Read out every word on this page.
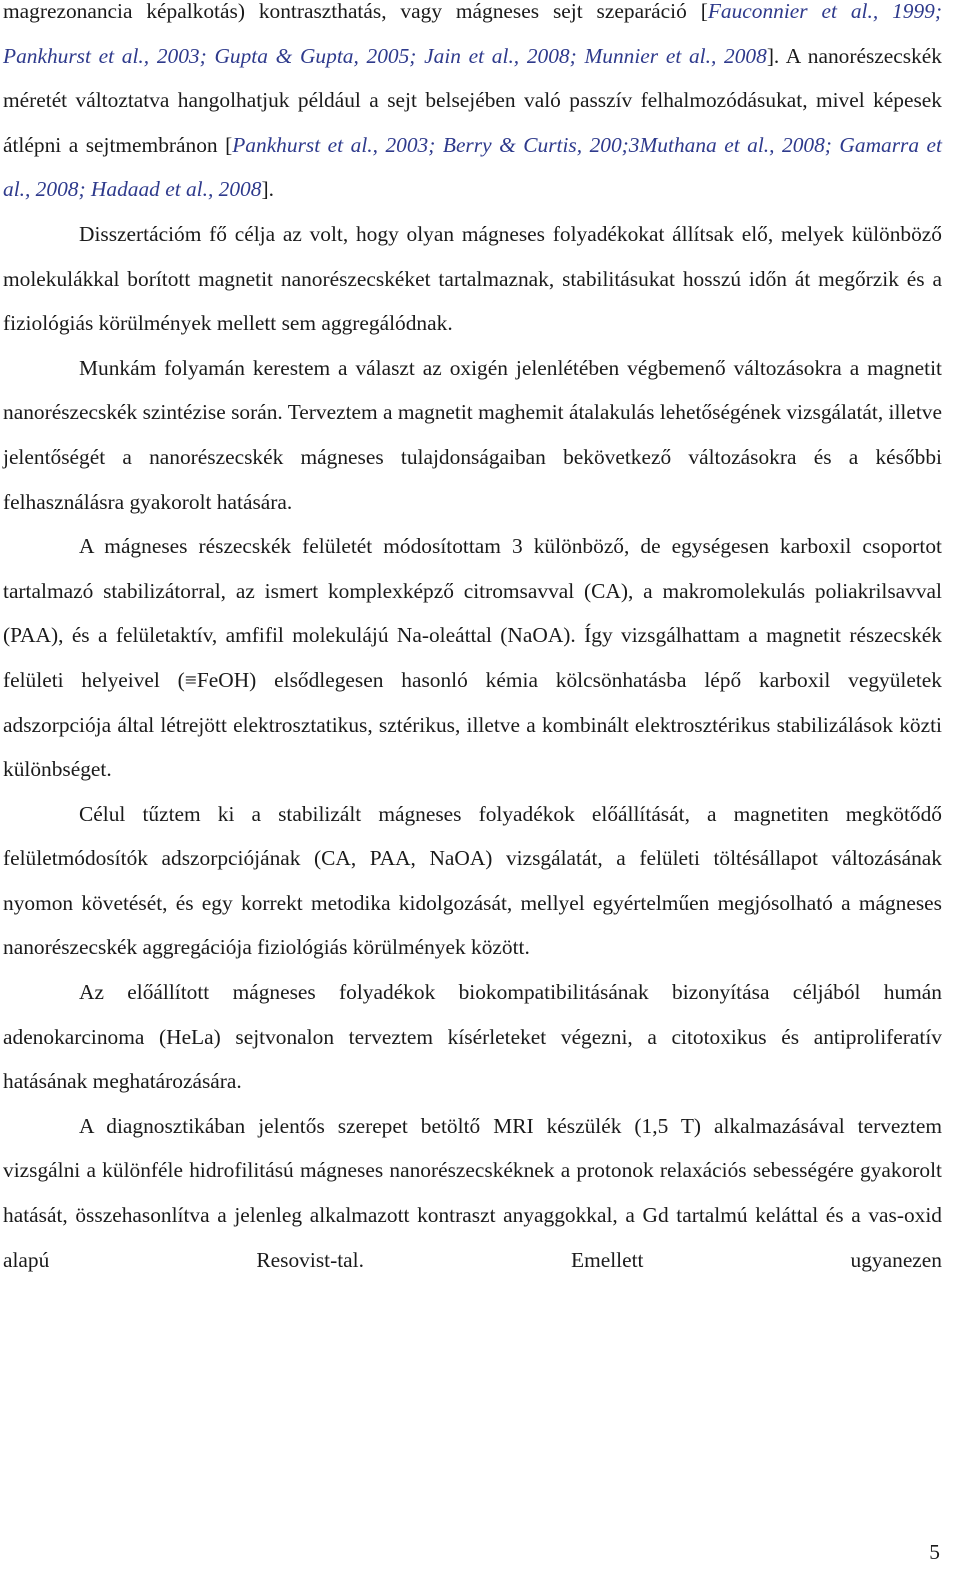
magrezonancia képalkotás) kontraszthatás, vagy mágneses sejt szeparáció [Fauconnier et al., 1999; Pankhurst et al., 2003; Gupta & Gupta, 2005; Jain et al., 2008; Munnier et al., 2008]. A nanorészecskék méretét változtatva hangolhatjuk például a sejt belsejében való passzív felhalmozódásukat, mivel képesek átlépni a sejtmembránon [Pankhurst et al., 2003; Berry & Curtis, 200;3Muthana et al., 2008; Gamarra et al., 2008; Hadaad et al., 2008].

Disszertációm fő célja az volt, hogy olyan mágneses folyadékokat állítsak elő, melyek különböző molekulákkal borított magnetit nanorészecskéket tartalmaznak, stabilitásukat hosszú időn át megőrzik és a fiziológiás körülmények mellett sem aggregálódnak.

Munkám folyamán kerestem a választ az oxigén jelenlétében végbemenő változásokra a magnetit nanorészecskék szintézise során. Terveztem a magnetit maghemit átalakulás lehetőségének vizsgálatát, illetve jelentőségét a nanorészecskék mágneses tulajdonságaiban bekövetkező változásokra és a későbbi felhasználásra gyakorolt hatására.

A mágneses részecskék felületét módosítottam 3 különböző, de egységesen karboxil csoportot tartalmazó stabilizátorral, az ismert komplexképző citromsavval (CA), a makromolekulás poliakrilsavval (PAA), és a felületaktív, amfifil molekulájú Na-oleáttal (NaOA). Így vizsgálhattam a magnetit részecskék felületi helyeivel (≡FeOH) elsődlegesen hasonló kémia kölcsönhatásba lépő karboxil vegyületek adszorpciója által létrejött elektrosztatikus, sztérikus, illetve a kombinált elektrosztérikus stabilizálások közti különbséget.

Célul tűztem ki a stabilizált mágneses folyadékok előállítását, a magnetiten megkötődő felületmódosítók adszorpciójának (CA, PAA, NaOA) vizsgálatát, a felületi töltésállapot változásának nyomon követését, és egy korrekt metodika kidolgozását, mellyel egyértelműen megjósolható a mágneses nanorészecskék aggregációja fiziológiás körülmények között.

Az előállított mágneses folyadékok biokompatibilitásának bizonyítása céljából humán adenokarcinoma (HeLa) sejtvonalon terveztem kísérleteket végezni, a citotoxikus és antiproliferatív hatásának meghatározására.

A diagnosztikában jelentős szerepet betöltő MRI készülék (1,5 T) alkalmazásával terveztem vizsgálni a különféle hidrofilitású mágneses nanorészecskéknek a protonok relaxációs sebességére gyakorolt hatását, összehasonlítva a jelenleg alkalmazott kontraszt anyaggokkal, a Gd tartalmú keláttal és a vas-oxid alapú Resovist-tal. Emellett ugyanezen

5
